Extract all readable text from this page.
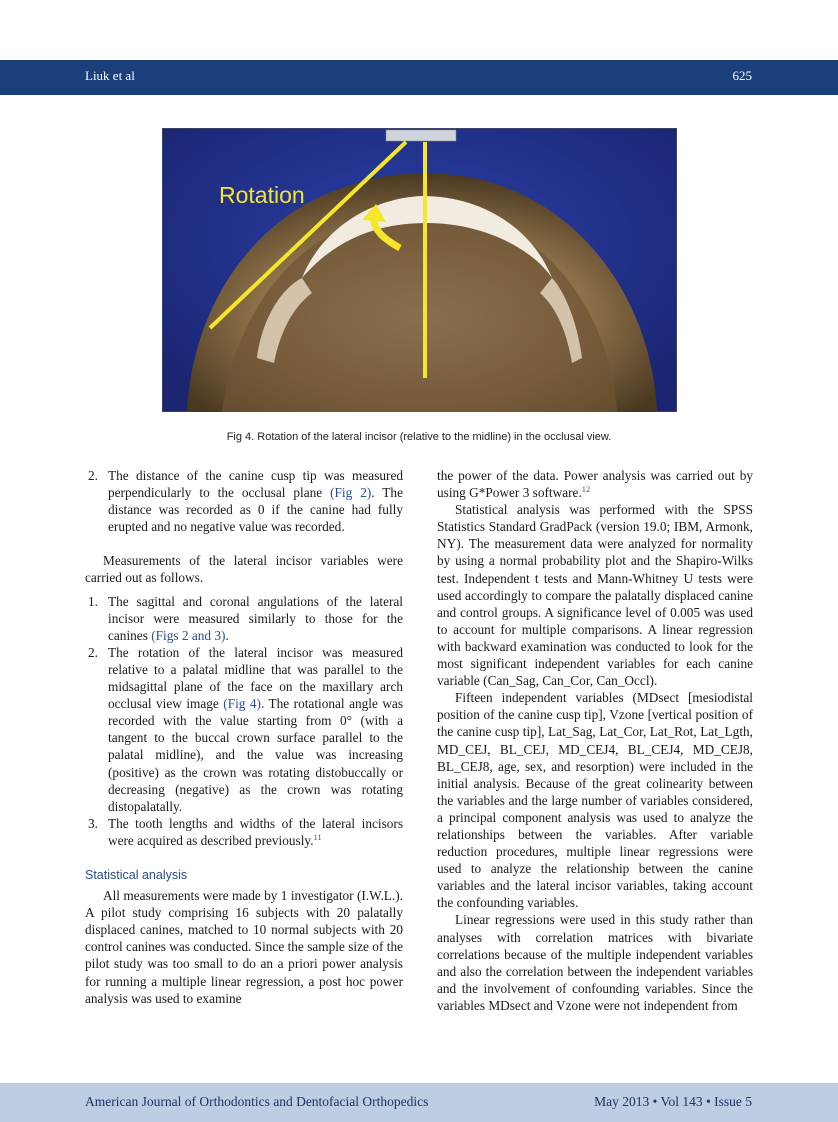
Liuk et al	625
Rotation
Fig 4. Rotation of the lateral incisor (relative to the midline) in the occlusal view.
2. The distance of the canine cusp tip was measured perpendicularly to the occlusal plane (Fig 2). The distance was recorded as 0 if the canine had fully erupted and no negative value was recorded.

Measurements of the lateral incisor variables were carried out as follows.

1. The sagittal and coronal angulations of the lateral incisor were measured similarly to those for the canines (Figs 2 and 3).
2. The rotation of the lateral incisor was measured relative to a palatal midline that was parallel to the midsagittal plane of the face on the maxillary arch occlusal view image (Fig 4). The rotational angle was recorded with the value starting from 0° (with a tangent to the buccal crown surface parallel to the palatal midline), and the value was increasing (positive) as the crown was rotating distobuccally or decreasing (negative) as the crown was rotating distopalatally.
3. The tooth lengths and widths of the lateral incisors were acquired as described previously.$^{11}$
Statistical analysis

All measurements were made by 1 investigator (I.W.L.). A pilot study comprising 16 subjects with 20 palatally displaced canines, matched to 10 normal subjects with 20 control canines was conducted. Since the sample size of the pilot study was too small to do an a priori power analysis for running a multiple linear regression, a post hoc power analysis was used to examine

the power of the data. Power analysis was carried out by using G*Power 3 software.$^{12}$

Statistical analysis was performed with the SPSS Statistics Standard GradPack (version 19.0; IBM, Armonk, NY). The measurement data were analyzed for normality by using a normal probability plot and the Shapiro-Wilks test. Independent t tests and Mann-Whitney U tests were used accordingly to compare the palatally displaced canine and control groups. A significance level of 0.005 was used to account for multiple comparisons. A linear regression with backward examination was conducted to look for the most significant independent variables for each canine variable (Can_Sag, Can_Cor, Can_Occl).

Fifteen independent variables (MDsect [mesiodistal position of the canine cusp tip], Vzone [vertical position of the canine cusp tip], Lat_Sag, Lat_Cor, Lat_Rot, Lat_Lgth, MD_CEJ, BL_CEJ, MD_CEJ4, BL_CEJ4, MD_CEJ8, BL_CEJ8, age, sex, and resorption) were included in the initial analysis. Because of the great colinearity between the variables and the large number of variables considered, a principal component analysis was used to analyze the relationships between the variables. After variable reduction procedures, multiple linear regressions were used to analyze the relationship between the canine variables and the lateral incisor variables, taking account the confounding variables.

Linear regressions were used in this study rather than analyses with correlation matrices with bivariate correlations because of the multiple independent variables and also the correlation between the independent variables and the involvement of confounding variables. Since the variables MDsect and Vzone were not independent from

American Journal of Orthodontics and Dentofacial Orthopedics	May 2013 • Vol 143 • Issue 5
